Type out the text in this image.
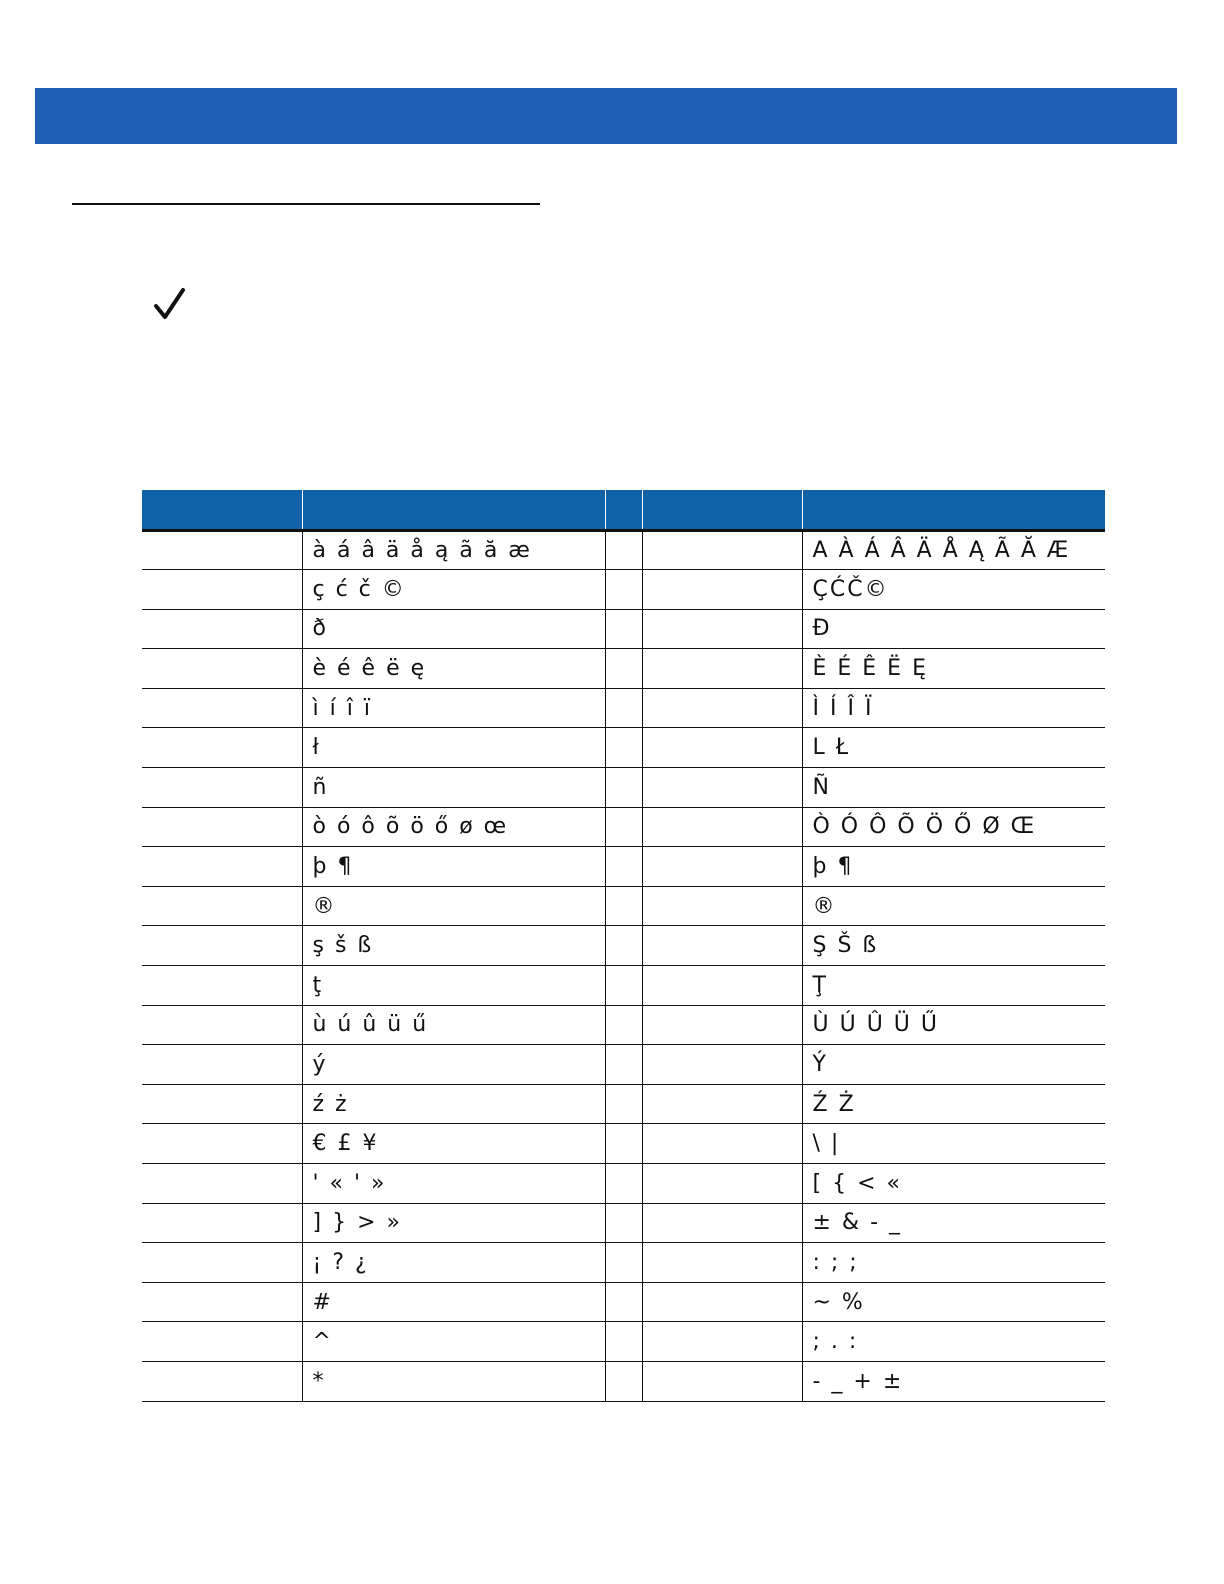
	à á â ä å ą ã ă æ			A À Á Â Ä Å Ą Ã Ă Æ
	ç ć č ©			ÇĆČ©
	ð			Ð
	è é ê ë ę			È É Ê Ë Ę
	ì í î ï			Ì Í Î Ï
	ł			L Ł
	ñ			Ñ
	ò ó ô õ ö ő ø œ			Ò Ó Ô Õ Ö Ő Ø Œ
	þ ¶			þ ¶
	®			®
	ş š ß			Ş Š ß
	ţ			Ţ
	ù ú û ü ű			Ù Ú Û Ü Ű
	ý			Ý
	ź ż			Ź Ż
	€ £ ¥			\ |
	' « ' »			[ { < «
	] } > »			± & - _
	¡ ? ¿			: ; ;
	#			~ %
	^			; . :
	*			- _ + ±
